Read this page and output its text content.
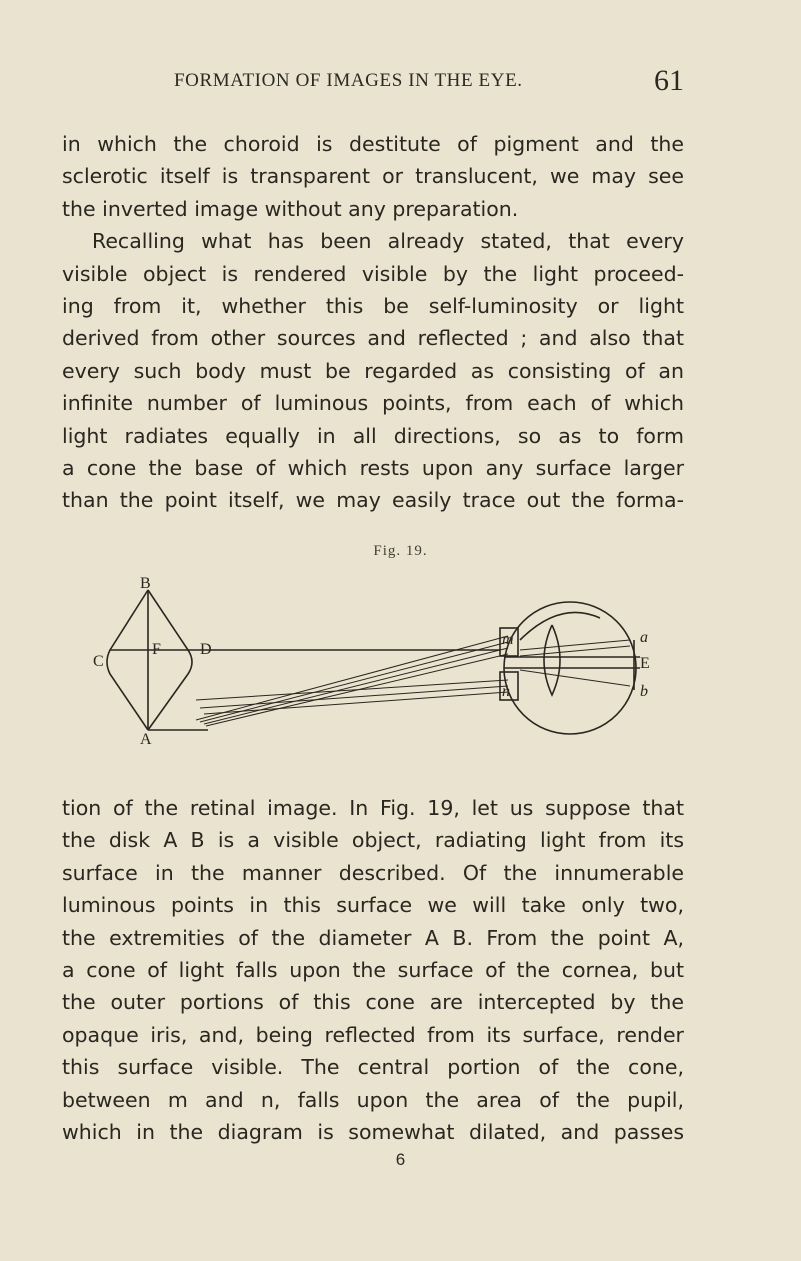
FORMATION OF IMAGES IN THE EYE.	61
in which the choroid is destitute of pigment and the
sclerotic itself is transparent or translucent, we may see
the inverted image without any preparation.
Recalling what has been already stated, that every
visible object is rendered visible by the light proceed-
ing from it, whether this be self-luminosity or light
derived from other sources and reflected ; and also that
every such body must be regarded as consisting of an
infinite number of luminous points, from each of which
light radiates equally in all directions, so as to form
a cone the base of which rests upon any surface larger
than the point itself, we may easily trace out the forma-
Fig. 19.
B
A
C
F D
m
n
a
E
b
tion of the retinal image. In Fig. 19, let us suppose that
the disk A B is a visible object, radiating light from its
surface in the manner described. Of the innumerable
luminous points in this surface we will take only two,
the extremities of the diameter A B. From the point A,
a cone of light falls upon the surface of the cornea, but
the outer portions of this cone are intercepted by the
opaque iris, and, being reflected from its surface, render
this surface visible. The central portion of the cone,
between m and n, falls upon the area of the pupil,
which in the diagram is somewhat dilated, and passes
6
